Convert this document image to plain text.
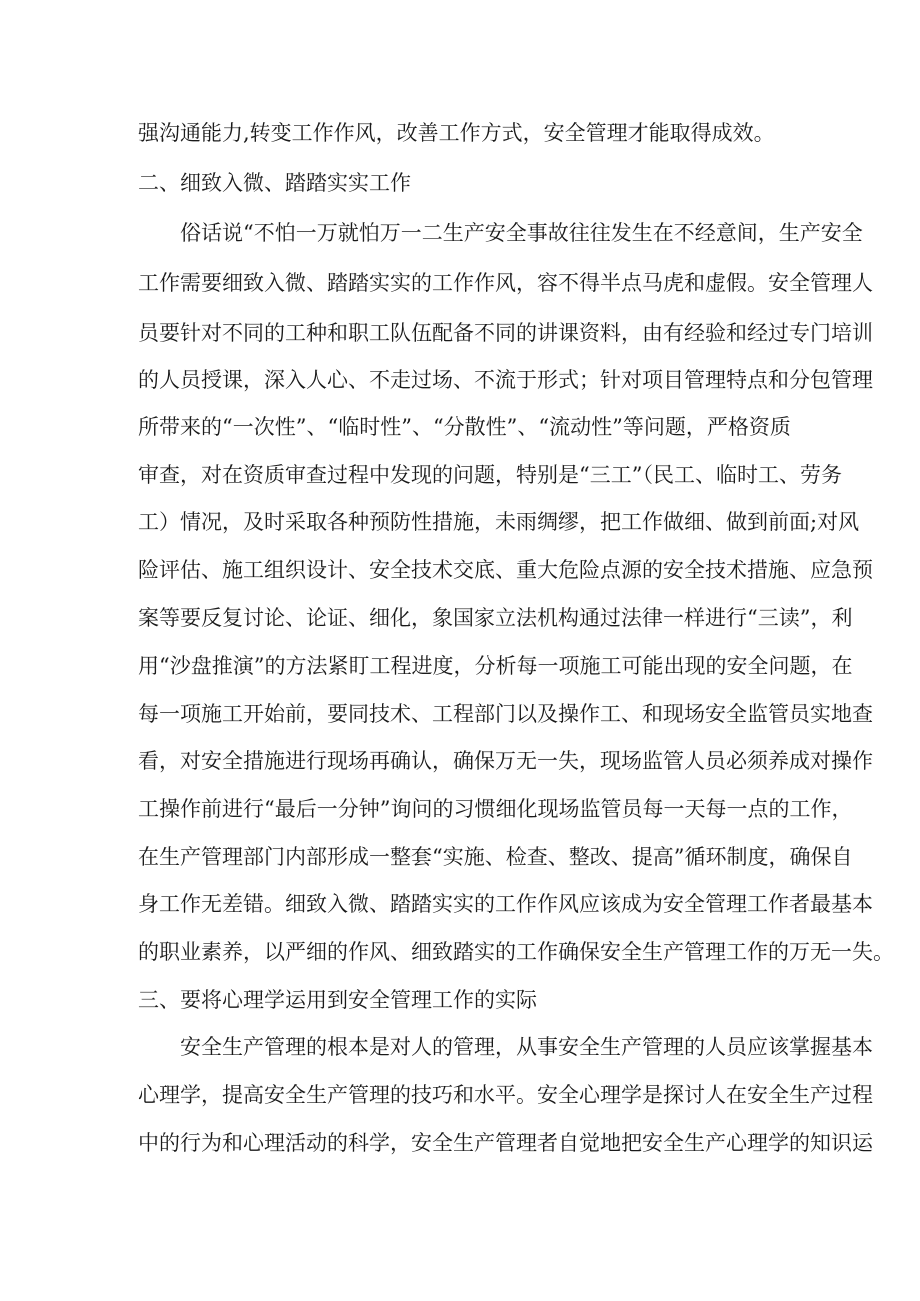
强沟通能力,转变工作作风，改善工作方式，安全管理才能取得成效。
二、细致入微、踏踏实实工作
俗话说“不怕一万就怕万一二生产安全事故往往发生在不经意间，生产安全
工作需要细致入微、踏踏实实的工作作风，容不得半点马虎和虚假。安全管理人
员要针对不同的工种和职工队伍配备不同的讲课资料，由有经验和经过专门培训
的人员授课，深入人心、不走过场、不流于形式；针对项目管理特点和分包管理
所带来的“一次性”、“临时性”、“分散性”、“流动性”等问题，严格资质
审查，对在资质审查过程中发现的问题，特别是“三工”（民工、临时工、劳务
工）情况，及时采取各种预防性措施，未雨绸缪，把工作做细、做到前面;对风
险评估、施工组织设计、安全技术交底、重大危险点源的安全技术措施、应急预
案等要反复讨论、论证、细化，象国家立法机构通过法律一样进行“三读”，利
用“沙盘推演”的方法紧盯工程进度，分析每一项施工可能出现的安全问题，在
每一项施工开始前，要同技术、工程部门以及操作工、和现场安全监管员实地查
看，对安全措施进行现场再确认，确保万无一失，现场监管人员必须养成对操作
工操作前进行“最后一分钟”询问的习惯细化现场监管员每一天每一点的工作，
在生产管理部门内部形成一整套“实施、检查、整改、提高”循环制度，确保自
身工作无差错。细致入微、踏踏实实的工作作风应该成为安全管理工作者最基本
的职业素养，以严细的作风、细致踏实的工作确保安全生产管理工作的万无一失。
三、要将心理学运用到安全管理工作的实际
安全生产管理的根本是对人的管理，从事安全生产管理的人员应该掌握基本
心理学，提高安全生产管理的技巧和水平。安全心理学是探讨人在安全生产过程
中的行为和心理活动的科学，安全生产管理者自觉地把安全生产心理学的知识运
